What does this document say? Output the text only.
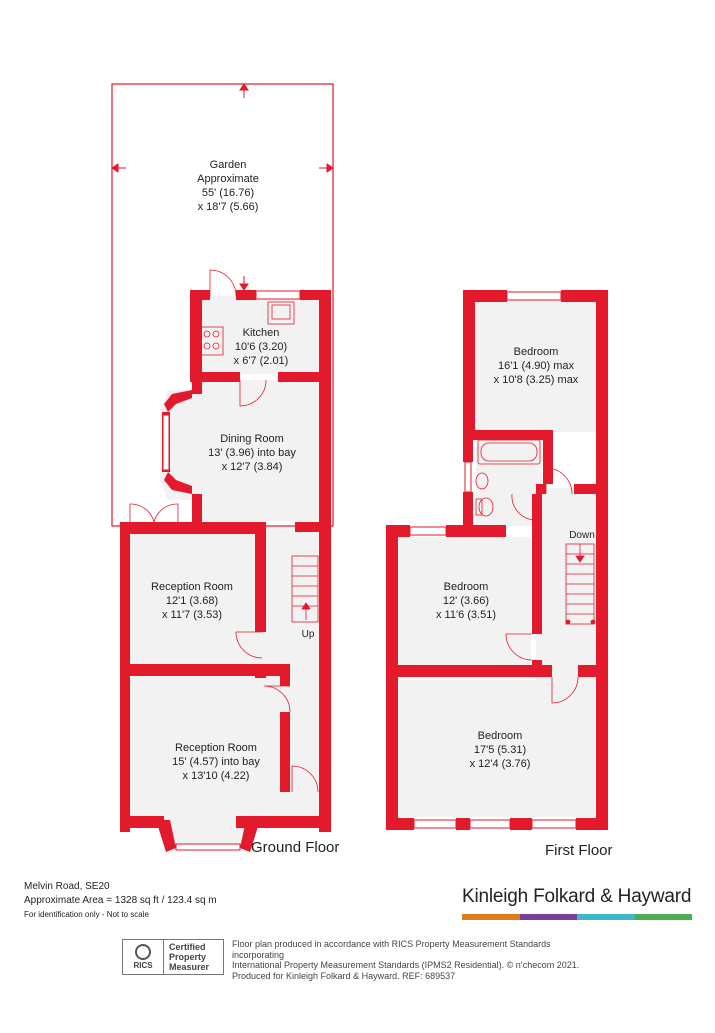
Garden
Approximate
55' (16.76)
x 18'7 (5.66)
Kitchen
10'6 (3.20)
x 6'7 (2.01)
Dining Room
13' (3.96) into bay
x 12'7 (3.84)
Reception Room
12'1 (3.68)
x 11'7 (3.53)
Reception Room
15' (4.57) into bay
x 13'10 (4.22)
Up
Ground Floor
Bedroom
16'1 (4.90) max
x 10'8 (3.25) max
Bedroom
12' (3.66)
x 11'6 (3.51)
Bedroom
17'5 (5.31)
x 12'4 (3.76)
Down
First Floor
Melvin Road, SE20
Approximate Area = 1328 sq ft / 123.4 sq m
For identification only - Not to scale
Kinleigh Folkard & Hayward
RICS
Certified
Property
Measurer
Floor plan produced in accordance with RICS Property Measurement Standards incorporating
International Property Measurement Standards (IPMS2 Residential). © n’checom 2021.
Produced for Kinleigh Folkard & Hayward. REF: 689537
